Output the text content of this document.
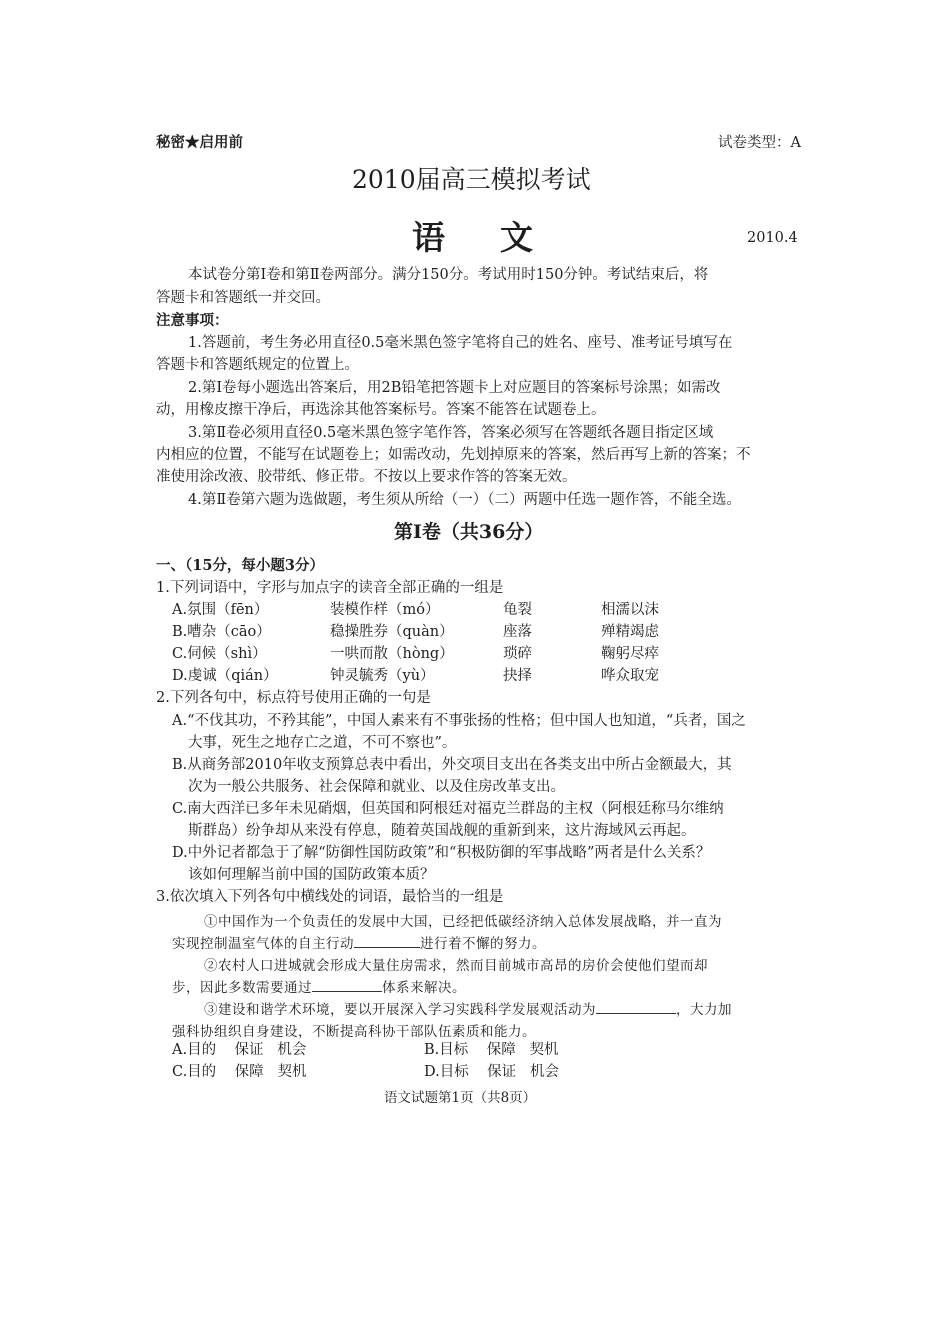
秘密★启用前	试卷类型：A
2010届高三模拟考试
语 文	2010.4
本试卷分第Ⅰ卷和第Ⅱ卷两部分。满分150分。考试用时150分钟。考试结束后，将
答题卡和答题纸一并交回。
注意事项：
1.答题前，考生务必用直径0.5毫米黑色签字笔将自己的姓名、座号、准考证号填写在
答题卡和答题纸规定的位置上。
2.第Ⅰ卷每小题选出答案后，用2B铅笔把答题卡上对应题目的答案标号涂黑；如需改
动，用橡皮擦干净后，再选涂其他答案标号。答案不能答在试题卷上。
3.第Ⅱ卷必须用直径0.5毫米黑色签字笔作答，答案必须写在答题纸各题目指定区域
内相应的位置，不能写在试题卷上；如需改动，先划掉原来的答案，然后再写上新的答案；不
准使用涂改液、胶带纸、修正带。不按以上要求作答的答案无效。
4.第Ⅱ卷第六题为选做题，考生须从所给（一）（二）两题中任选一题作答，不能全选。
第Ⅰ卷（共36分）
一、（15分，每小题3分）
1.下列词语中，字形与加点字的读音全部正确的一组是
A.氛围（fēn）	装模作样（mó）	龟裂	相濡以沫
B.嘈杂（cāo）	稳操胜券（quàn）	座落	殚精竭虑
C.伺候（shì）	一哄而散（hòng）	琐碎	鞠躬尽瘁
D.虔诚（qián）	钟灵毓秀（yù）	抉择	哗众取宠
2.下列各句中，标点符号使用正确的一句是
A.“不伐其功，不矜其能”，中国人素来有不事张扬的性格；但中国人也知道，“兵者，国之
大事，死生之地存亡之道，不可不察也”。
B.从商务部2010年收支预算总表中看出，外交项目支出在各类支出中所占金额最大，其
次为一般公共服务、社会保障和就业、以及住房改革支出。
C.南大西洋已多年未见硝烟，但英国和阿根廷对福克兰群岛的主权（阿根廷称马尔维纳
斯群岛）纷争却从来没有停息，随着英国战舰的重新到来，这片海域风云再起。
D.中外记者都急于了解“防御性国防政策”和“积极防御的军事战略”两者是什么关系？
该如何理解当前中国的国防政策本质？
3.依次填入下列各句中横线处的词语，最恰当的一组是
①中国作为一个负责任的发展中大国，已经把低碳经济纳入总体发展战略，并一直为
实现控制温室气体的自主行动	进行着不懈的努力。
②农村人口进城就会形成大量住房需求，然而目前城市高昂的房价会使他们望而却
步，因此多数需要通过	体系来解决。
③建设和谐学术环境，要以开展深入学习实践科学发展观活动为	，大力加
强科协组织自身建设，不断提高科协干部队伍素质和能力。
A.目的 保证 机会	B.目标 保障 契机
C.目的 保障 契机	D.目标 保证 机会
语文试题第1页（共8页）
